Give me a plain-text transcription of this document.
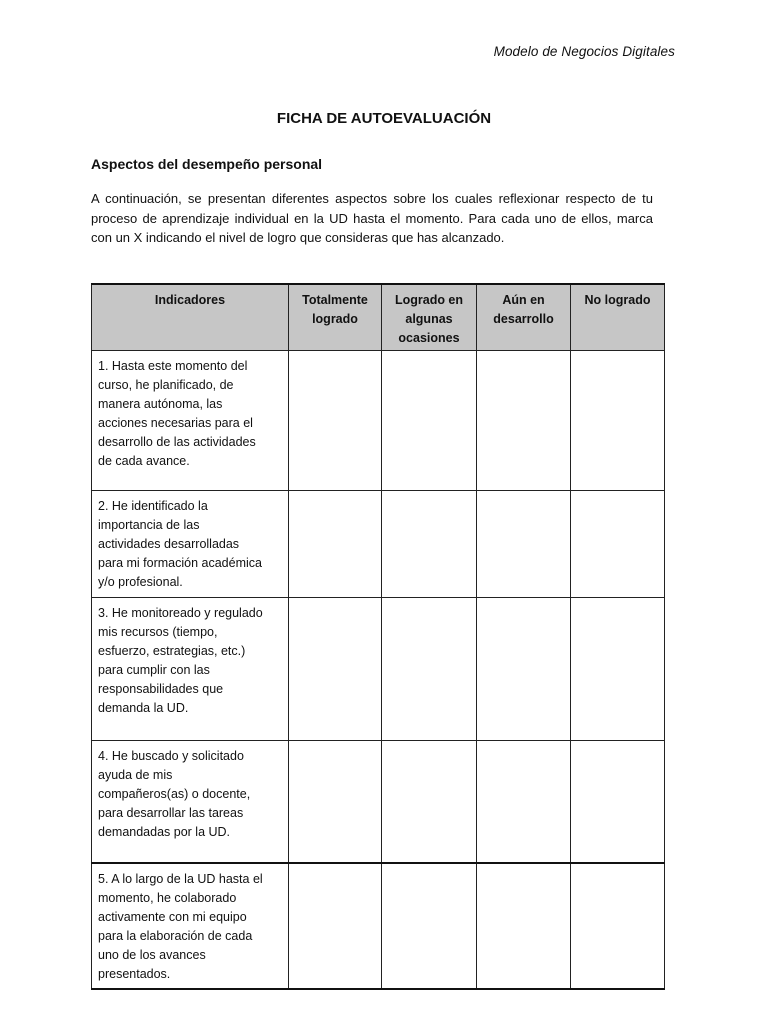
Modelo de Negocios Digitales
FICHA DE AUTOEVALUACIÓN
Aspectos del desempeño personal

A continuación, se presentan diferentes aspectos sobre los cuales reflexionar respecto de tu proceso de aprendizaje individual en la UD hasta el momento. Para cada uno de ellos, marca con un X indicando el nivel de logro que consideras que has alcanzado.

Indicadores	Totalmente logrado	Logrado en algunas ocasiones	Aún en desarrollo	No logrado
1. Hasta este momento del curso, he planificado, de manera autónoma, las acciones necesarias para el desarrollo de las actividades de cada avance.				
2. He identificado la importancia de las actividades desarrolladas para mi formación académica y/o profesional.				
3. He monitoreado y regulado mis recursos (tiempo, esfuerzo, estrategias, etc.) para cumplir con las responsabilidades que demanda la UD.				
4. He buscado y solicitado ayuda de mis compañeros(as) o docente, para desarrollar las tareas demandadas por la UD.				
5. A lo largo de la UD hasta el momento, he colaborado activamente con mi equipo para la elaboración de cada uno de los avances presentados.				
